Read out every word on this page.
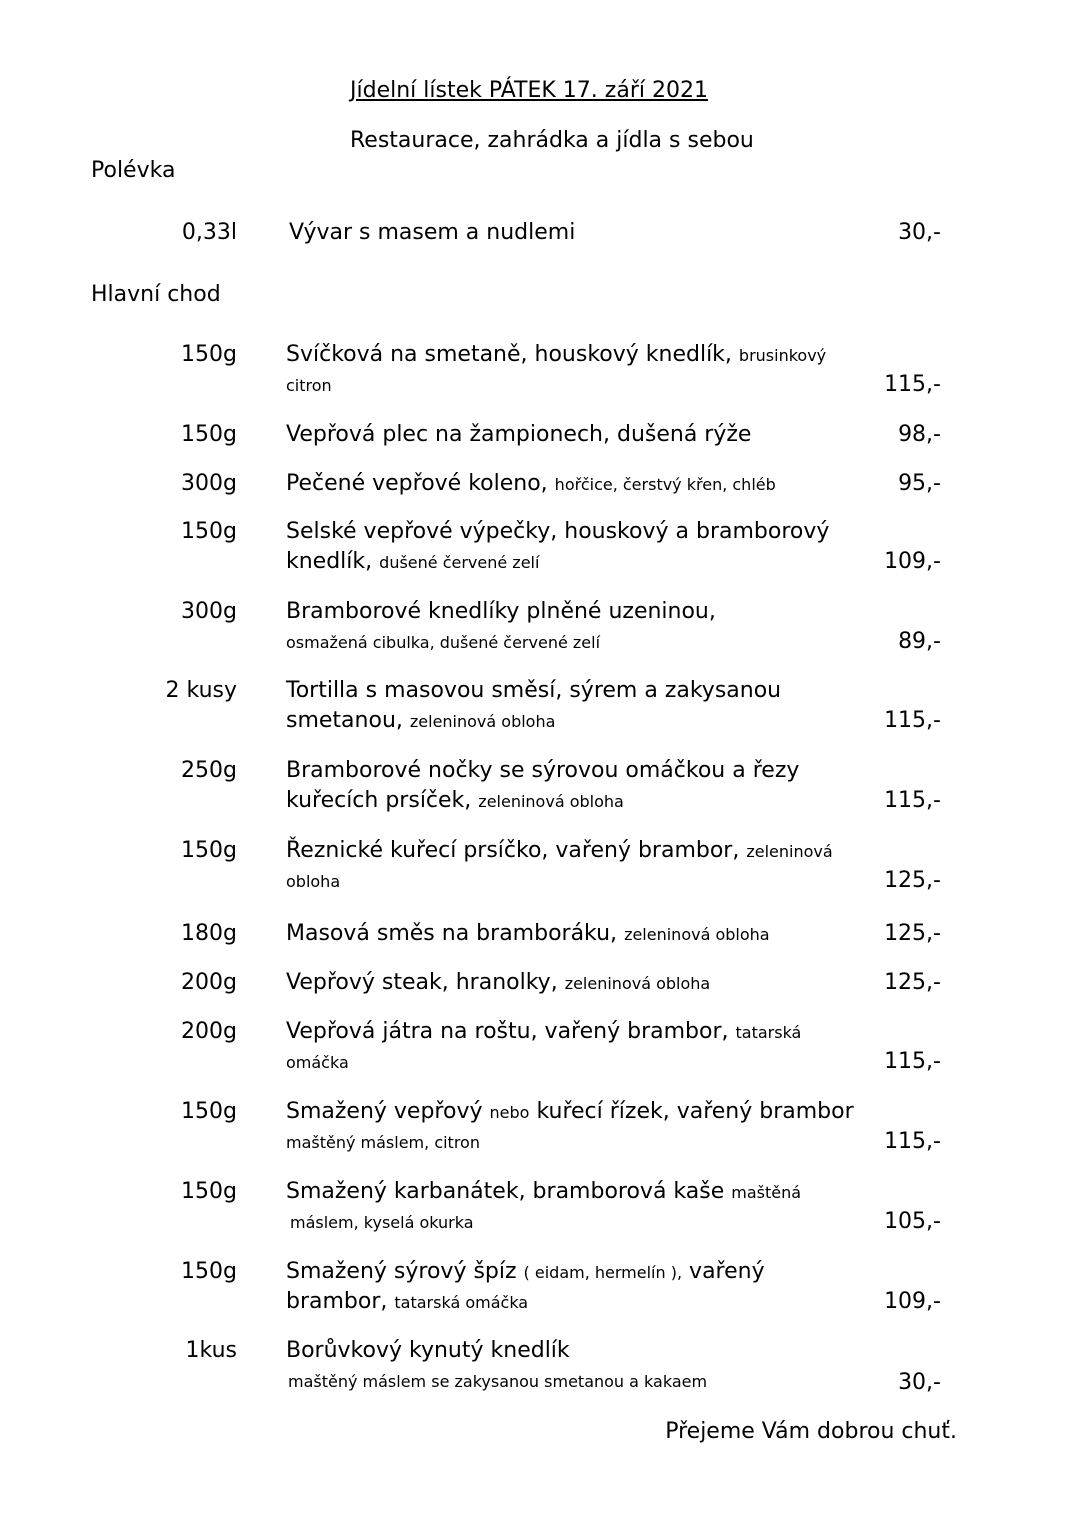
Jídelní lístek PÁTEK 17. září 2021
Restaurace, zahrádka a jídla s sebou
Polévka
0,33l Vývar s masem a nudlemi	30,-
Hlavní chod
150g Svíčková na smetaně, houskový knedlík, brusinkový
citron	115,-
150g Vepřová plec na žampionech, dušená rýže	98,-
300g Pečené vepřové koleno, hořčice, čerstvý křen, chléb	95,-
150g Selské vepřové výpečky, houskový a bramborový
knedlík, dušené červené zelí	109,-
300g Bramborové knedlíky plněné uzeninou,
osmažená cibulka, dušené červené zelí	89,-
2 kusy Tortilla s masovou směsí, sýrem a zakysanou
smetanou, zeleninová obloha	115,-
250g Bramborové nočky se sýrovou omáčkou a řezy
kuřecích prsíček, zeleninová obloha	115,-
150g Řeznické kuřecí prsíčko, vařený brambor, zeleninová
obloha	125,-
180g Masová směs na bramboráku, zeleninová obloha	125,-
200g Vepřový steak, hranolky, zeleninová obloha	125,-
200g Vepřová játra na roštu, vařený brambor, tatarská
omáčka	115,-
150g Smažený vepřový nebo kuřecí řízek, vařený brambor
maštěný máslem, citron	115,-
150g Smažený karbanátek, bramborová kaše maštěná
máslem, kyselá okurka	105,-
150g Smažený sýrový špíz ( eidam, hermelín ), vařený
brambor, tatarská omáčka	109,-
1kus Borůvkový kynutý knedlík
maštěný máslem se zakysanou smetanou a kakaem	30,-
Přejeme Vám dobrou chuť.
